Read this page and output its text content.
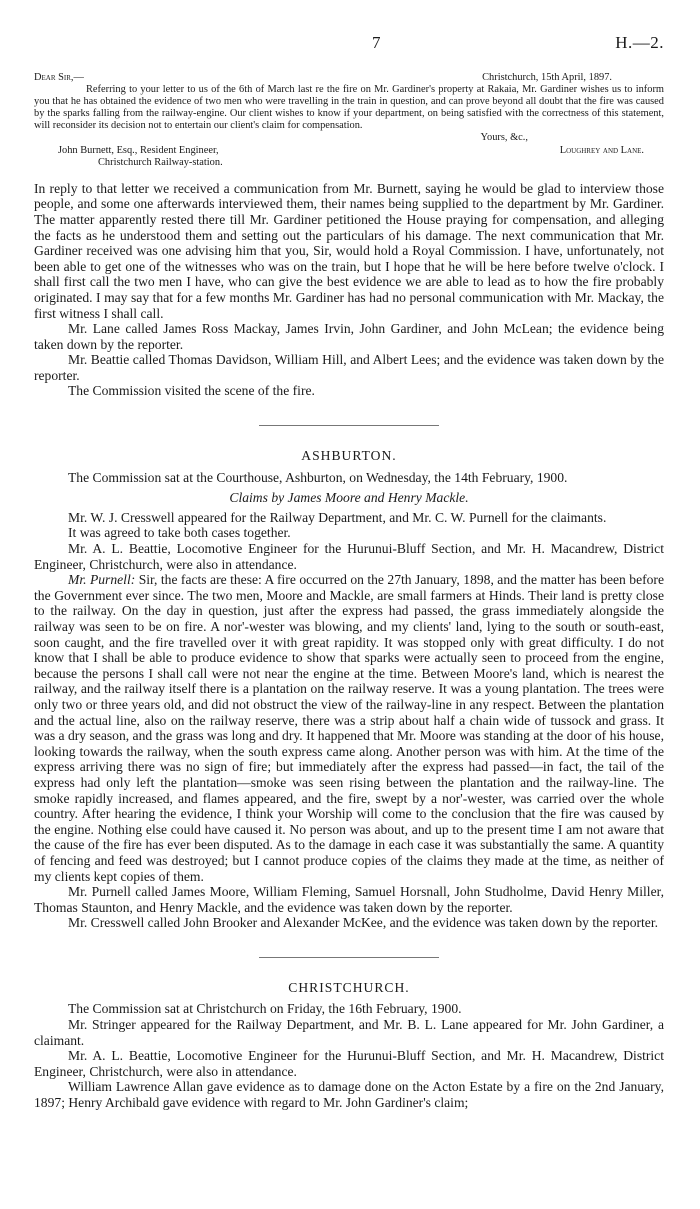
7	H.—2.
Dear Sir,—	Christchurch, 15th April, 1897.

Referring to your letter to us of the 6th of March last re the fire on Mr. Gardiner's property at Rakaia, Mr. Gardiner wishes us to inform you that he has obtained the evidence of two men who were travelling in the train in question, and can prove beyond all doubt that the fire was caused by the sparks falling from the railway-engine. Our client wishes to know if your department, on being satisfied with the correctness of this statement, will reconsider its decision not to entertain our client's claim for compensation.

Yours, &c.,

John Burnett, Esq., Resident Engineer,	Loughrey and Lane.
Christchurch Railway-station.

In reply to that letter we received a communication from Mr. Burnett, saying he would be glad to interview those people, and some one afterwards interviewed them, their names being supplied to the department by Mr. Gardiner. The matter apparently rested there till Mr. Gardiner petitioned the House praying for compensation, and alleging the facts as he understood them and setting out the particulars of his damage. The next communication that Mr. Gardiner received was one advising him that you, Sir, would hold a Royal Commission. I have, unfortunately, not been able to get one of the witnesses who was on the train, but I hope that he will be here before twelve o'clock. I shall first call the two men I have, who can give the best evidence we are able to lead as to how the fire probably originated. I may say that for a few months Mr. Gardiner has had no personal communication with Mr. Mackay, the first witness I shall call.

Mr. Lane called James Ross Mackay, James Irvin, John Gardiner, and John McLean; the evidence being taken down by the reporter.

Mr. Beattie called Thomas Davidson, William Hill, and Albert Lees; and the evidence was taken down by the reporter.

The Commission visited the scene of the fire.

ASHBURTON.

The Commission sat at the Courthouse, Ashburton, on Wednesday, the 14th February, 1900.

Claims by James Moore and Henry Mackle.

Mr. W. J. Cresswell appeared for the Railway Department, and Mr. C. W. Purnell for the claimants.

It was agreed to take both cases together.

Mr. A. L. Beattie, Locomotive Engineer for the Hurunui-Bluff Section, and Mr. H. Macandrew, District Engineer, Christchurch, were also in attendance.

Mr. Purnell: Sir, the facts are these: A fire occurred on the 27th January, 1898, and the matter has been before the Government ever since. The two men, Moore and Mackle, are small farmers at Hinds. Their land is pretty close to the railway. On the day in question, just after the express had passed, the grass immediately alongside the railway was seen to be on fire. A nor'-wester was blowing, and my clients' land, lying to the south or south-east, soon caught, and the fire travelled over it with great rapidity. It was stopped only with great difficulty. I do not know that I shall be able to produce evidence to show that sparks were actually seen to proceed from the engine, because the persons I shall call were not near the engine at the time. Between Moore's land, which is nearest the railway, and the railway itself there is a plantation on the railway reserve. It was a young plantation. The trees were only two or three years old, and did not obstruct the view of the railway-line in any respect. Between the plantation and the actual line, also on the railway reserve, there was a strip about half a chain wide of tussock and grass. It was a dry season, and the grass was long and dry. It happened that Mr. Moore was standing at the door of his house, looking towards the railway, when the south express came along. Another person was with him. At the time of the express arriving there was no sign of fire; but immediately after the express had passed—in fact, the tail of the express had only left the plantation—smoke was seen rising between the plantation and the railway-line. The smoke rapidly increased, and flames appeared, and the fire, swept by a nor'-wester, was carried over the whole country. After hearing the evidence, I think your Worship will come to the conclusion that the fire was caused by the engine. Nothing else could have caused it. No person was about, and up to the present time I am not aware that the cause of the fire has ever been disputed. As to the damage in each case it was substantially the same. A quantity of fencing and feed was destroyed; but I cannot produce copies of the claims they made at the time, as neither of my clients kept copies of them.

Mr. Purnell called James Moore, William Fleming, Samuel Horsnall, John Studholme, David Henry Miller, Thomas Staunton, and Henry Mackle, and the evidence was taken down by the reporter.

Mr. Cresswell called John Brooker and Alexander McKee, and the evidence was taken down by the reporter.

CHRISTCHURCH.

The Commission sat at Christchurch on Friday, the 16th February, 1900.

Mr. Stringer appeared for the Railway Department, and Mr. B. L. Lane appeared for Mr. John Gardiner, a claimant.

Mr. A. L. Beattie, Locomotive Engineer for the Hurunui-Bluff Section, and Mr. H. Macandrew, District Engineer, Christchurch, were also in attendance.

William Lawrence Allan gave evidence as to damage done on the Acton Estate by a fire on the 2nd January, 1897; Henry Archibald gave evidence with regard to Mr. John Gardiner's claim;
